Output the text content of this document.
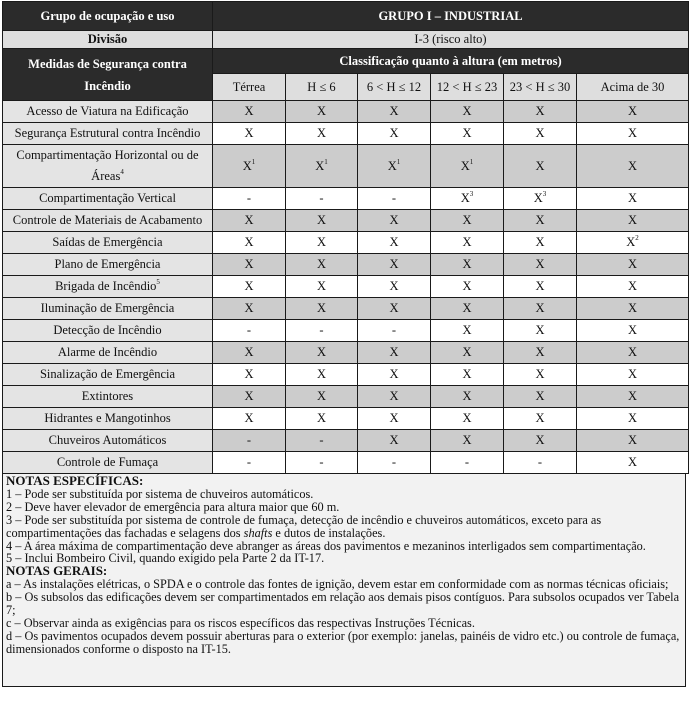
Grupo de ocupação e uso	GRUPO I – INDUSTRIAL					
Divisão	I-3 (risco alto)					
Medidas de Segurança contra
Incêndio	Classificação quanto à altura (em metros)					
	Térrea	H ≤ 6	6 < H ≤ 12	12 < H ≤ 23	23 < H ≤ 30	Acima de 30
Acesso de Viatura na Edificação	X	X	X	X	X	X
Segurança Estrutural contra Incêndio	X	X	X	X	X	X
Compartimentação Horizontal ou de Áreas$^4$	$X^1$	$X^1$	$X^1$	$X^1$	X	X
Compartimentação Vertical	-	-	-	$X^3$	$X^3$	X
Controle de Materiais de Acabamento	X	X	X	X	X	X
Saídas de Emergência	X	X	X	X	X	$X^2$
Plano de Emergência	X	X	X	X	X	X
Brigada de Incêndio$^5$	X	X	X	X	X	X
Iluminação de Emergência	X	X	X	X	X	X
Detecção de Incêndio	-	-	-	X	X	X
Alarme de Incêndio	X	X	X	X	X	X
Sinalização de Emergência	X	X	X	X	X	X
Extintores	X	X	X	X	X	X
Hidrantes e Mangotinhos	X	X	X	X	X	X
Chuveiros Automáticos	-	-	X	X	X	X
Controle de Fumaça	-	-	-	-	-	X

NOTAS ESPECÍFICAS:

1 – Pode ser substituída por sistema de chuveiros automáticos.

2 – Deve haver elevador de emergência para altura maior que 60 m.

3 – Pode ser substituída por sistema de controle de fumaça, detecção de incêndio e chuveiros automáticos, exceto para as compartimentações das fachadas e selagens dos shafts e dutos de instalações.

4 – A área máxima de compartimentação deve abranger as áreas dos pavimentos e mezaninos interligados sem compartimentação.

5 – Inclui Bombeiro Civil, quando exigido pela Parte 2 da IT-17.

NOTAS GERAIS:

a – As instalações elétricas, o SPDA e o controle das fontes de ignição, devem estar em conformidade com as normas técnicas oficiais;

b – Os subsolos das edificações devem ser compartimentados em relação aos demais pisos contíguos. Para subsolos ocupados ver Tabela 7;

c – Observar ainda as exigências para os riscos específicos das respectivas Instruções Técnicas.

d – Os pavimentos ocupados devem possuir aberturas para o exterior (por exemplo: janelas, painéis de vidro etc.) ou controle de fumaça, dimensionados conforme o disposto na IT-15.
